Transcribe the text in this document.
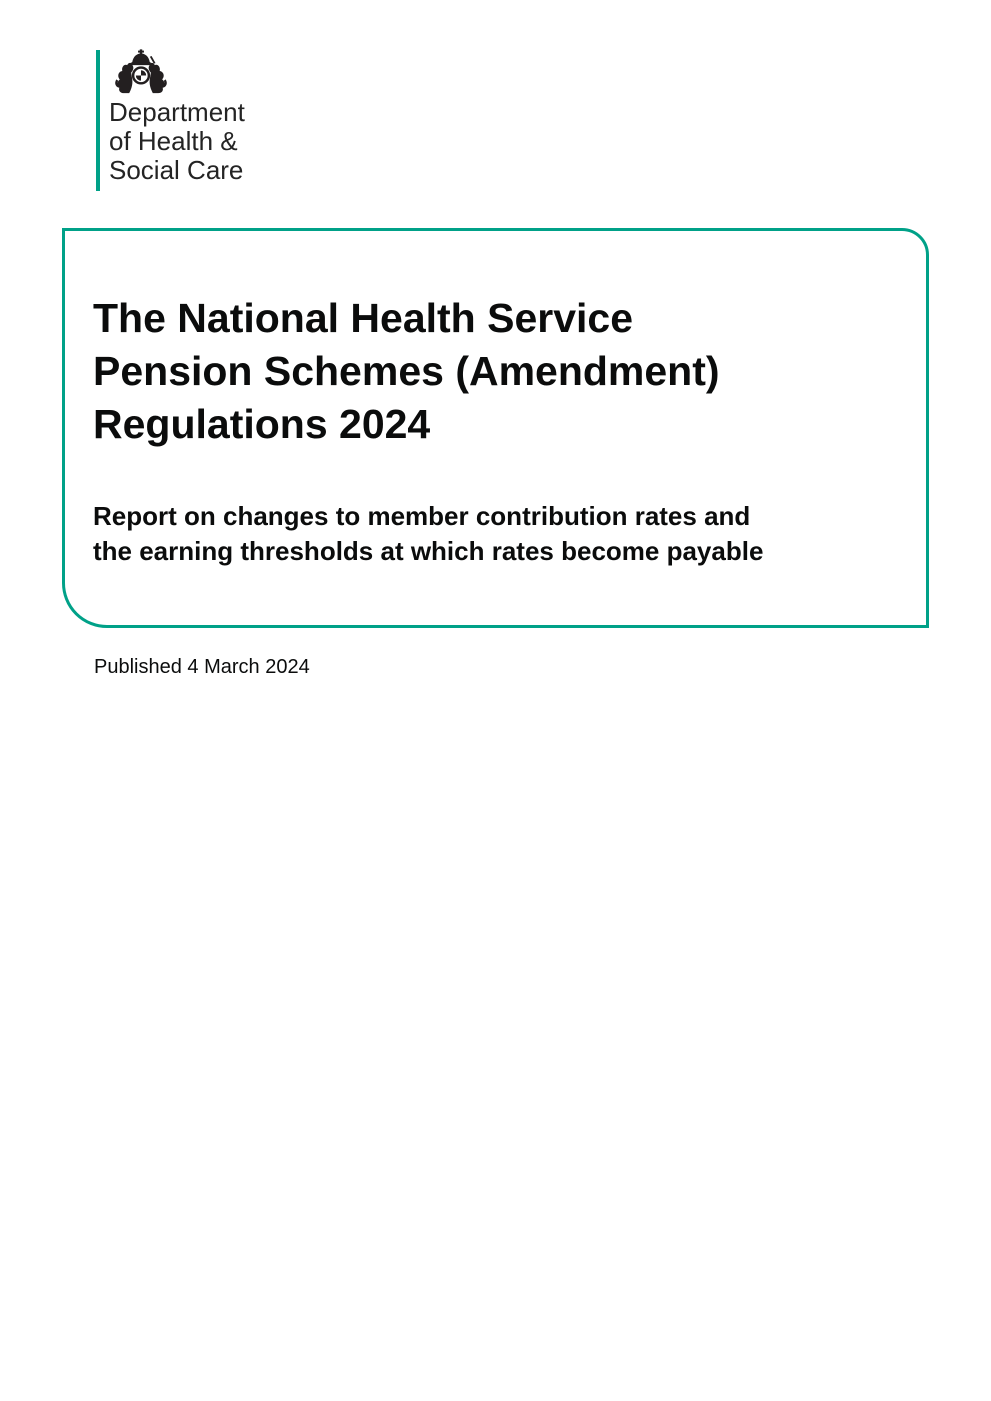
Department
of Health &
Social Care
The National Health Service
Pension Schemes (Amendment)
Regulations 2024
Report on changes to member contribution rates and
the earning thresholds at which rates become payable

Published 4 March 2024
